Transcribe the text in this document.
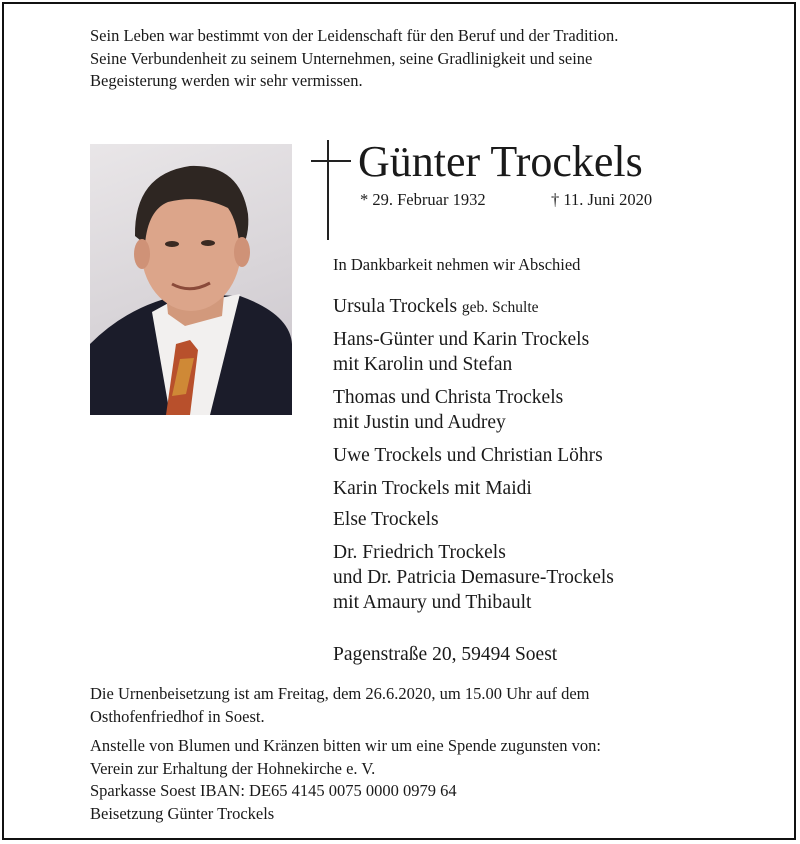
Sein Leben war bestimmt von der Leidenschaft für den Beruf und der Tradition.
Seine Verbundenheit zu seinem Unternehmen, seine Gradlinigkeit und seine
Begeisterung werden wir sehr vermissen.
Günter Trockels
* 29. Februar 1932	† 11. Juni 2020
In Dankbarkeit nehmen wir Abschied
Ursula Trockels geb. Schulte
Hans-Günter und Karin Trockels
mit Karolin und Stefan
Thomas und Christa Trockels
mit Justin und Audrey
Uwe Trockels und Christian Löhrs
Karin Trockels mit Maidi
Else Trockels
Dr. Friedrich Trockels
und Dr. Patricia Demasure-Trockels
mit Amaury und Thibault
Pagenstraße 20, 59494 Soest
Die Urnenbeisetzung ist am Freitag, dem 26.6.2020, um 15.00 Uhr auf dem
Osthofenfriedhof in Soest.
Anstelle von Blumen und Kränzen bitten wir um eine Spende zugunsten von:
Verein zur Erhaltung der Hohnekirche e. V.
Sparkasse Soest IBAN: DE65 4145 0075 0000 0979 64
Beisetzung Günter Trockels
